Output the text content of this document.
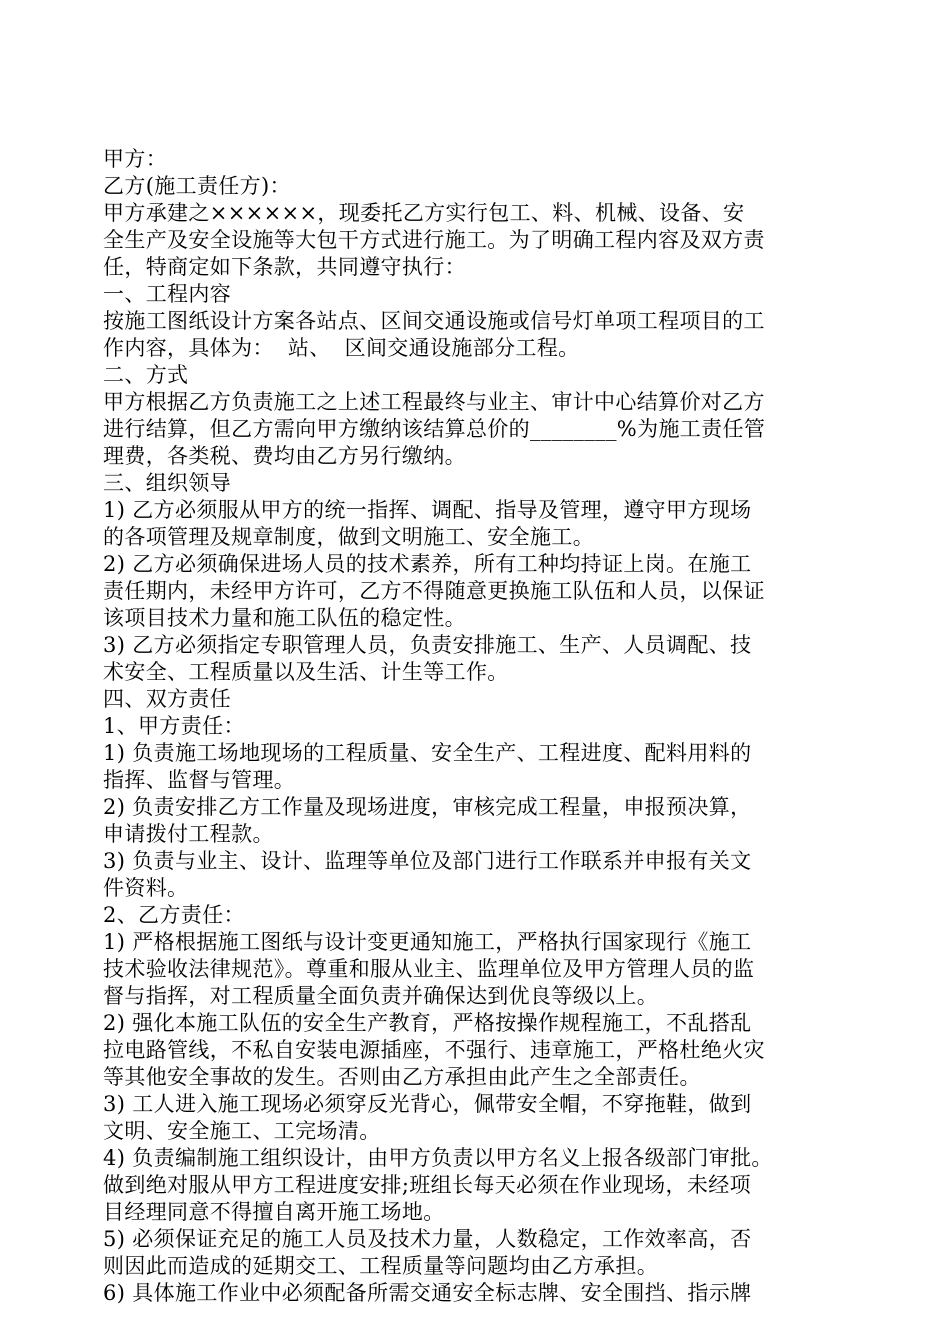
甲方：
乙方(施工责任方)：
甲方承建之××××××，现委托乙方实行包工、料、机械、设备、安
全生产及安全设施等大包干方式进行施工。为了明确工程内容及双方责
任，特商定如下条款，共同遵守执行：
一、工程内容
按施工图纸设计方案各站点、区间交通设施或信号灯单项工程项目的工
作内容，具体为：  站、  区间交通设施部分工程。
二、方式
甲方根据乙方负责施工之上述工程最终与业主、审计中心结算价对乙方
进行结算，但乙方需向甲方缴纳该结算总价的________%为施工责任管
理费，各类税、费均由乙方另行缴纳。
三、组织领导
1) 乙方必须服从甲方的统一指挥、调配、指导及管理，遵守甲方现场
的各项管理及规章制度，做到文明施工、安全施工。
2) 乙方必须确保进场人员的技术素养，所有工种均持证上岗。在施工
责任期内，未经甲方许可，乙方不得随意更换施工队伍和人员，以保证
该项目技术力量和施工队伍的稳定性。
3) 乙方必须指定专职管理人员，负责安排施工、生产、人员调配、技
术安全、工程质量以及生活、计生等工作。
四、双方责任
1、甲方责任：
1) 负责施工场地现场的工程质量、安全生产、工程进度、配料用料的
指挥、监督与管理。
2) 负责安排乙方工作量及现场进度，审核完成工程量，申报预决算，
申请拨付工程款。
3) 负责与业主、设计、监理等单位及部门进行工作联系并申报有关文
件资料。
2、乙方责任：
1) 严格根据施工图纸与设计变更通知施工，严格执行国家现行《施工
技术验收法律规范》。尊重和服从业主、监理单位及甲方管理人员的监
督与指挥，对工程质量全面负责并确保达到优良等级以上。
2) 强化本施工队伍的安全生产教育，严格按操作规程施工，不乱搭乱
拉电路管线，不私自安装电源插座，不强行、违章施工，严格杜绝火灾
等其他安全事故的发生。否则由乙方承担由此产生之全部责任。
3) 工人进入施工现场必须穿反光背心，佩带安全帽，不穿拖鞋，做到
文明、安全施工、工完场清。
4) 负责编制施工组织设计，由甲方负责以甲方名义上报各级部门审批。
做到绝对服从甲方工程进度安排;班组长每天必须在作业现场，未经项
目经理同意不得擅自离开施工场地。
5) 必须保证充足的施工人员及技术力量，人数稳定，工作效率高，否
则因此而造成的延期交工、工程质量等问题均由乙方承担。
6) 具体施工作业中必须配备所需交通安全标志牌、安全围挡、指示牌
